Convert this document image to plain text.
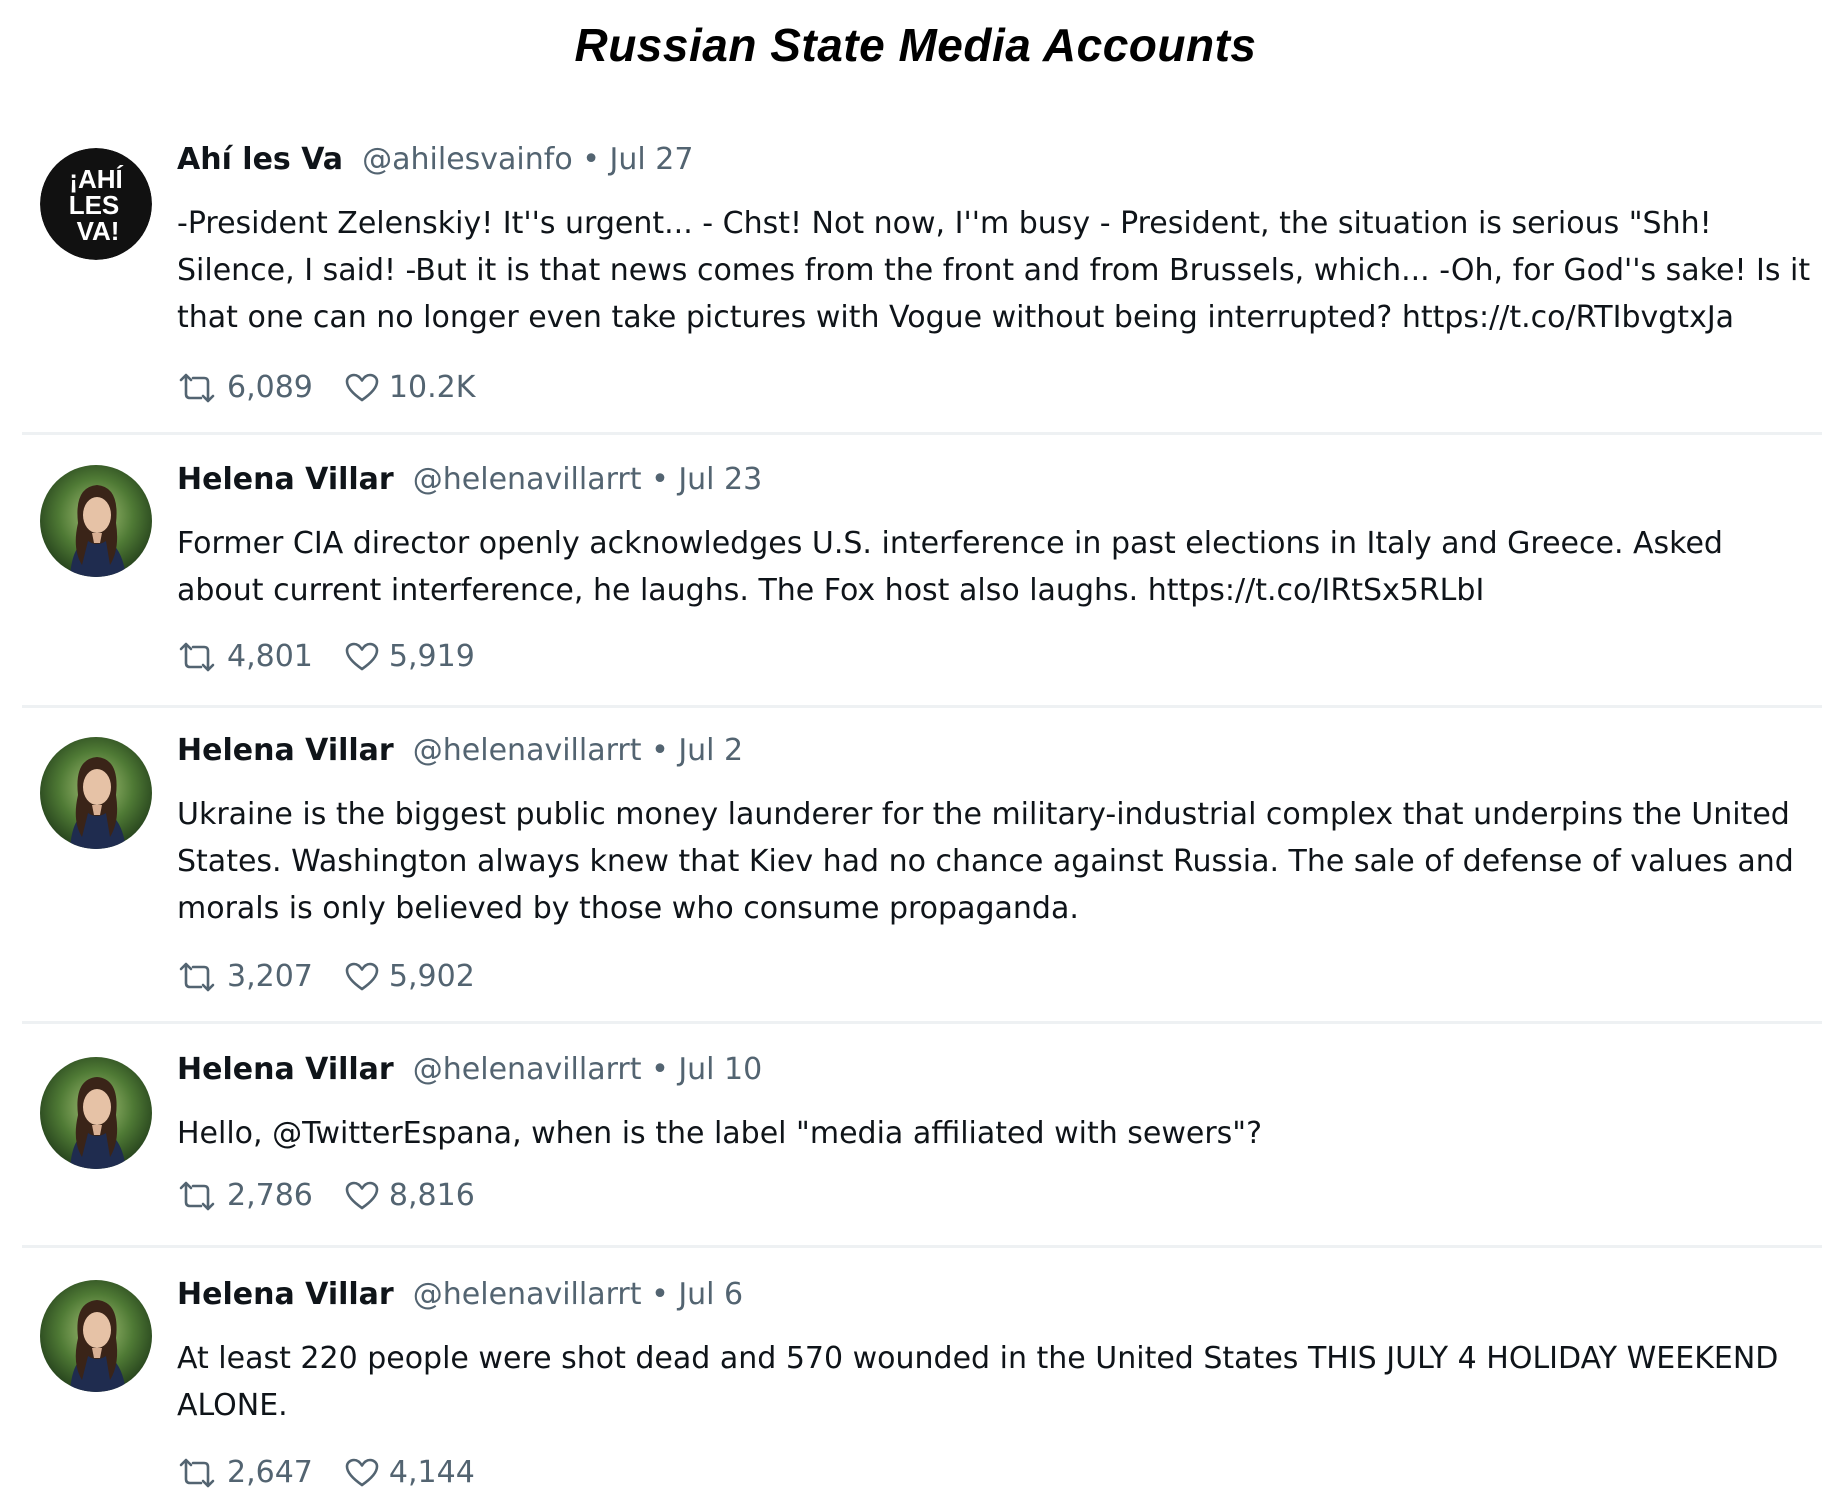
Russian State Media Accounts
¡AHÍ
LES
VA!
Ahí les Va @ahilesvainfo • Jul 27
-President Zelenskiy! It''s urgent... - Chst! Not now, I''m busy - President, the situation is serious "Shh! Silence, I said! -But it is that news comes from the front and from Brussels, which... -Oh, for God''s sake! Is it that one can no longer even take pictures with Vogue without being interrupted? https://t.co/RTIbvgtxJa
6,089	10.2K
Helena Villar @helenavillarrt • Jul 23
Former CIA director openly acknowledges U.S. interference in past elections in Italy and Greece. Asked about current interference, he laughs. The Fox host also laughs. https://t.co/IRtSx5RLbI
4,801	5,919
Helena Villar @helenavillarrt • Jul 2
Ukraine is the biggest public money launderer for the military-industrial complex that underpins the United States. Washington always knew that Kiev had no chance against Russia. The sale of defense of values and morals is only believed by those who consume propaganda.
3,207	5,902
Helena Villar @helenavillarrt • Jul 10
Hello, @TwitterEspana, when is the label "media affiliated with sewers"?
2,786	8,816
Helena Villar @helenavillarrt • Jul 6
At least 220 people were shot dead and 570 wounded in the United States THIS JULY 4 HOLIDAY WEEKEND ALONE.
2,647	4,144
